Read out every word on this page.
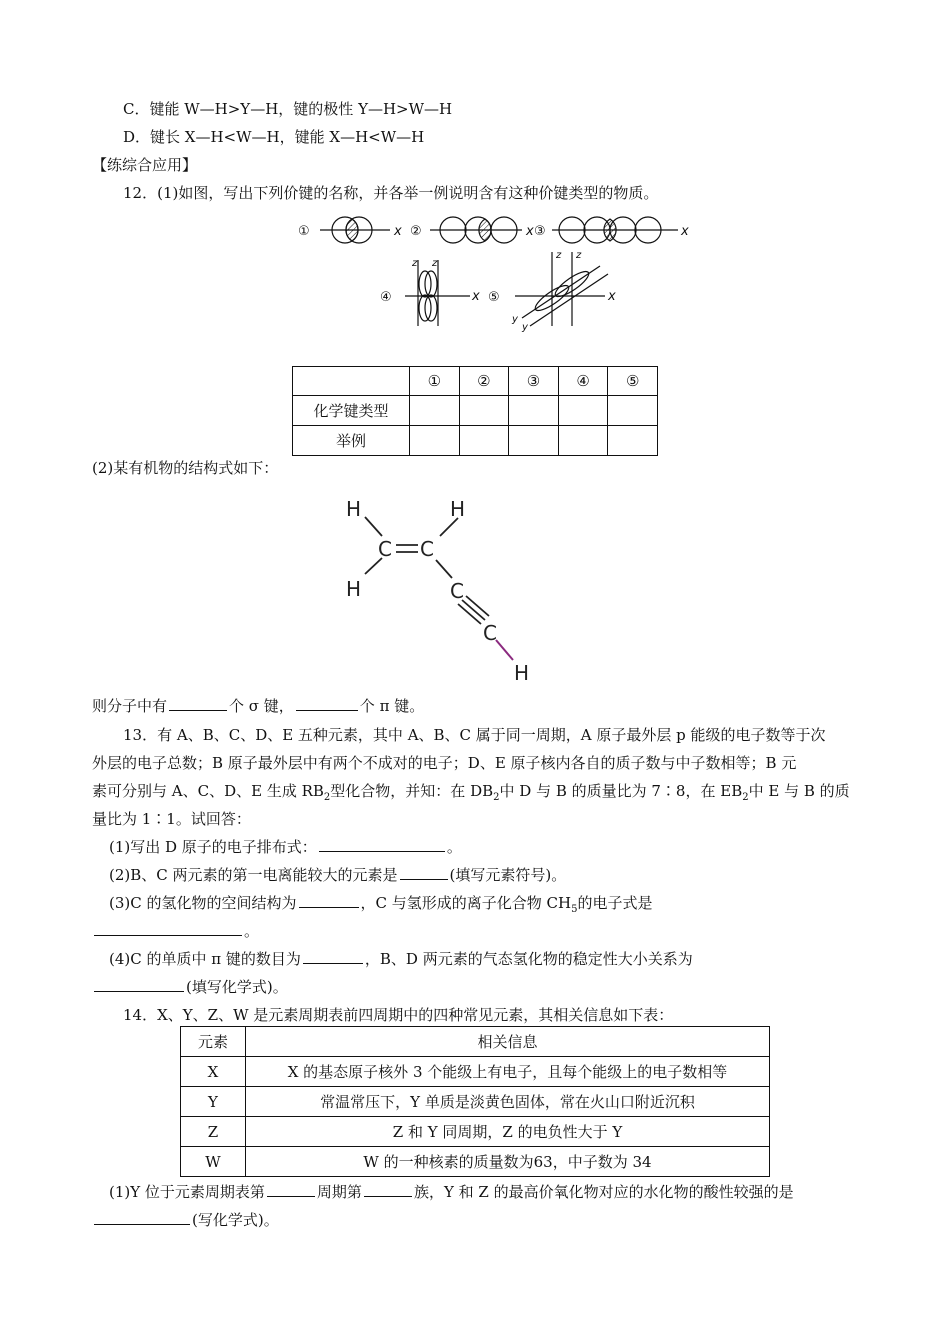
C．键能 W—H>Y—H，键的极性 Y—H>W—H
D．键长 X—H<W—H，键能 X—H<W—H
【练综合应用】
12．(1)如图，写出下列价键的名称，并各举一例说明含有这种价键类型的物质。
①	x ②	x ③	x
④
z z
x ⑤
z z
x
y
y
	①	②	③	④	⑤
化学键类型					
举例					
(2)某有机物的结构式如下：
H	H
C C
H	C
C
H
则分子中有	个 σ 键，	个 π 键。
13．有 A、B、C、D、E 五种元素，其中 A、B、C 属于同一周期，A 原子最外层 p 能级的电子数等于次
外层的电子总数；B 原子最外层中有两个不成对的电子；D、E 原子核内各自的质子数与中子数相等；B 元
素可分别与 A、C、D、E 生成 $RB_2$型化合物，并知：在 $DB_2$中 D 与 B 的质量比为 7∶8，在 $EB_2$中 E 与 B 的质
量比为 1∶1。试回答：
(1)写出 D 原子的电子排布式：	。
(2)B、C 两元素的第一电离能较大的元素是	(填写元素符号)。
(3)C 的氢化物的空间结构为	，C 与氢形成的离子化合物 $CH_5$的电子式是
。
(4)C 的单质中 π 键的数目为	，B、D 两元素的气态氢化物的稳定性大小关系为
(填写化学式)。
14．X、Y、Z、W 是元素周期表前四周期中的四种常见元素，其相关信息如下表：
元素	相关信息
X	X 的基态原子核外 3 个能级上有电子，且每个能级上的电子数相等
Y	常温常压下，Y 单质是淡黄色固体，常在火山口附近沉积
Z	Z 和 Y 同周期，Z 的电负性大于 Y
W	W 的一种核素的质量数为63，中子数为 34
(1)Y 位于元素周期表第	周期第	族，Y 和 Z 的最高价氧化物对应的水化物的酸性较强的是
(写化学式)。
